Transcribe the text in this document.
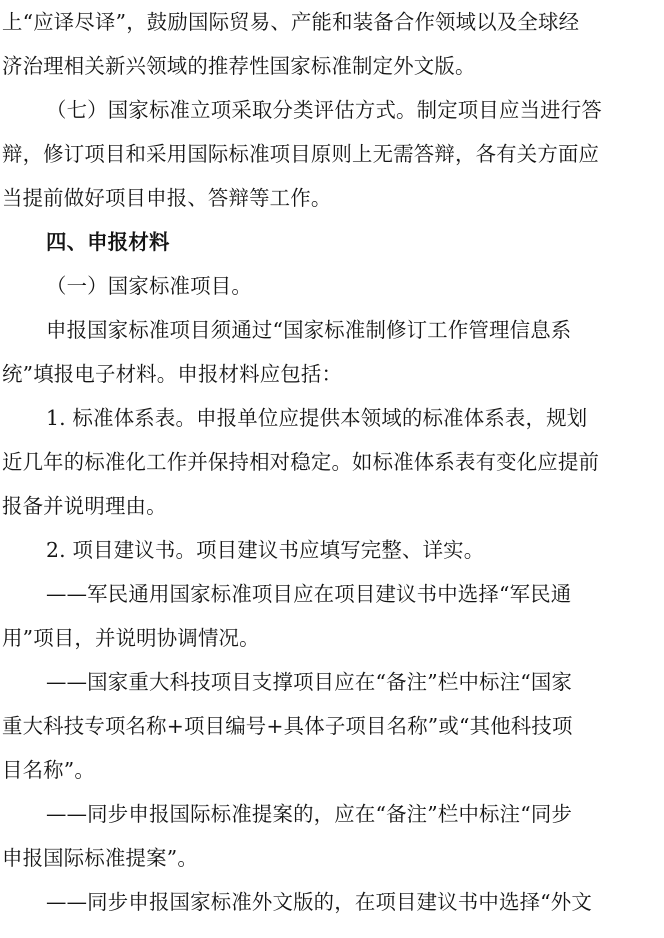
上“应译尽译”，鼓励国际贸易、产能和装备合作领域以及全球经
济治理相关新兴领域的推荐性国家标准制定外文版。
（七）国家标准立项采取分类评估方式。制定项目应当进行答
辩，修订项目和采用国际标准项目原则上无需答辩，各有关方面应
当提前做好项目申报、答辩等工作。
四、申报材料
（一）国家标准项目。
申报国家标准项目须通过“国家标准制修订工作管理信息系
统”填报电子材料。申报材料应包括：
1. 标准体系表。申报单位应提供本领域的标准体系表，规划
近几年的标准化工作并保持相对稳定。如标准体系表有变化应提前
报备并说明理由。
2. 项目建议书。项目建议书应填写完整、详实。
——军民通用国家标准项目应在项目建议书中选择“军民通
用”项目，并说明协调情况。
——国家重大科技项目支撑项目应在“备注”栏中标注“国家
重大科技专项名称+项目编号+具体子项目名称”或“其他科技项
目名称”。
——同步申报国际标准提案的，应在“备注”栏中标注“同步
申报国际标准提案”。
——同步申报国家标准外文版的，在项目建议书中选择“外文
